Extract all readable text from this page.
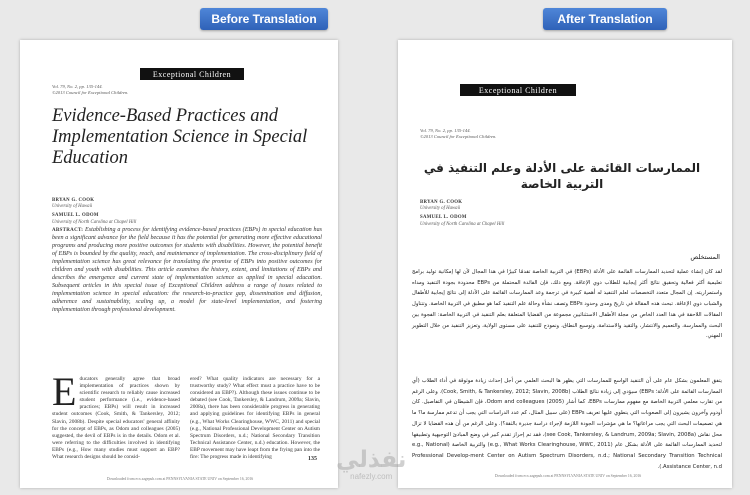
Before Translation	After Translation
Exceptional Children
Vol. 79, No. 2, pp. 135-144.
©2013 Council for Exceptional Children.
Evidence-Based Practices and Implementation Science in Special Education
BRYAN G. COOK
University of Hawaii
SAMUEL L. ODOM
University of North Carolina at Chapel Hill
ABSTRACT: Establishing a process for identifying evidence-based practices (EBPs) in special education has been a significant advance for the field because it has the potential for generating more effective educational programs and producing more positive outcomes for students with disabilities. However, the potential benefit of EBPs is bounded by the quality, reach, and maintenance of implementation. The cross-disciplinary field of implementation science has great relevance for translating the promise of EBPs into positive outcomes for children and youth with disabilities. This article examines the history, extent, and limitations of EBPs and describes the emergence and current state of implementation science as applied in special education. Subsequent articles in this special issue of Exceptional Children address a range of issues related to implementation science in special education: the research-to-practice gap, dissemination and diffusion, adherence and sustainability, scaling up, a model for state-level implementation, and fostering implementation through professional development.
E ducators generally agree that broad implementation of practices shown by scientific research to reliably cause increased student performance (i.e., evidence-based practices; EBPs) will result in increased student outcomes (Cook, Smith, & Tankersley, 2012; Slavin, 2008b). Despite special educators' general affinity for the concept of EBPs, as Odom and colleagues (2005) suggested, the devil of EBPs is in the details. Odom et al. were referring to the difficulties involved in identifying EBPs (e.g., How many studies must support an EBP? What research designs should be consid-
ered? What quality indicators are necessary for a trustworthy study? What effect must a practice have to be considered an EBP?). Although these issues continue to be debated (see Cook, Tankersley, & Landrum, 2009a; Slavin, 2008a), there has been considerable progress in generating and applying guidelines for identifying EBPs in general (e.g., What Works Clearinghouse, WWC, 2011) and special (e.g., National Professional Development Center on Autism Spectrum Disorders, n.d.; National Secondary Transition Technical Assistance Center, n.d.) education. However, the EBP movement may have leapt from the frying pan into the fire: The progress made in identifying	135
Downloaded from ecx.sagepub.com at PENNSYLVANIA STATE UNIV on September 16, 2016
Exceptional Children
Vol. 79, No. 2, pp. 135-144.
©2013 Council for Exceptional Children.
الممارسات القائمة على الأدلة وعلم التنفيذ في التربية الخاصة
BRYAN G. COOK
University of Hawaii
SAMUEL L. ODOM
University of North Carolina at Chapel Hill
المستخلص
لقد كان إنشاء عملية لتحديد الممارسات القائمة على الأدلة (EBPs) في التربية الخاصة تقدمًا كبيرًا في هذا المجال لأن لها إمكانية توليد برامج تعليمية أكثر فعالية وتحقيق نتائج أكثر إيجابية للطلاب ذوي الإعاقة. ومع ذلك، فإن الفائدة المحتملة من EBPs محدودة بجودة التنفيذ ومداه واستمراريته. إن المجال متعدد التخصصات لعلم التنفيذ له أهمية كبيرة في ترجمة وعد الممارسات القائمة على الأدلة إلى نتائج إيجابية للأطفال والشباب ذوي الإعاقة. تبحث هذه المقالة في تاريخ ومدى وحدود EBPs وتصف نشأة وحالة علم التنفيذ كما هو مطبق في التربية الخاصة. وتتناول المقالات اللاحقة في هذا العدد الخاص من مجلة الأطفال الاستثنائيين مجموعة من القضايا المتعلقة بعلم التنفيذ في التربية الخاصة: الفجوة بين البحث والممارسة، والتعميم والانتشار، والتقيد والاستدامة، وتوسيع النطاق، ونموذج للتنفيذ على مستوى الولاية، وتعزيز التنفيذ من خلال التطوير المهني.
يتفق المعلمون بشكل عام على أن التنفيذ الواسع للممارسات التي يظهر ها البحث العلمي من أجل إحداث زيادة موثوقة في أداء الطلاب (أي الممارسات القائمة على الأدلة؛ EBPs) سيؤدي إلى زيادة نتائج الطلاب (Cook, Smith, & Tankersley, 2012; Slavin, 2008b). وعلى الرغم من تقارب معلمي التربية الخاصة مع مفهوم ممارسات EBPs، كما أشار Odom and colleagues (2005)، فإن الشيطان في التفاصيل. كان أودوم وآخرون يشيرون إلى الصعوبات التي ينطوي عليها تعريف EBPs (على سبيل المثال، كم عدد الدراسات التي يجب أن تدعم ممارسة ما؟ ما هي تصميمات البحث التي يجب مراعاتها؟ ما هي مؤشرات الجودة اللازمة لإجراء دراسة جديرة بالثقة؟). وعلى الرغم من أن هذه القضايا لا تزال محل نقاش (see Cook, Tankersley, & Landrum, 2009a; Slavin, 2008a)، فقد تم إحراز تقدم كبير في وضع المبادئ التوجيهية وتطبيقها لتحديد الممارسات القائمة على الأدلة بشكل عام (e.g., What Works Clearinghouse, WWC, 2011) والتربية الخاصة (e.g., National Professional Develop-ment Center on Autism Spectrum Disorders, n.d.; National Secondary Transition Technical Assistance Center, n.d.).
Downloaded from ecx.sagepub.com at PENNSYLVANIA STATE UNIV on September 16, 2016
نفذلي
nafezly.com
